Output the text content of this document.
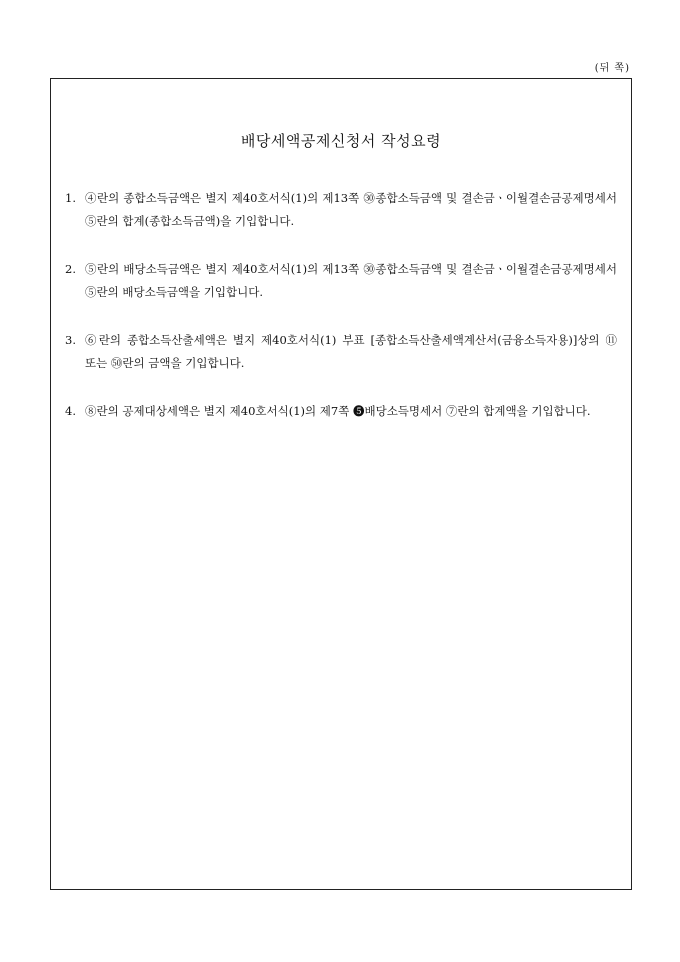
(뒤 쪽)
배당세액공제신청서 작성요령
1. ④란의 종합소득금액은 별지 제40호서식(1)의 제13쪽 ㉚종합소득금액 및 결손금ㆍ이월결손금공제명세서 ⑤란의 합계(종합소득금액)을 기입합니다.
2. ⑤란의 배당소득금액은 별지 제40호서식(1)의 제13쪽 ㉚종합소득금액 및 결손금ㆍ이월결손금공제명세서 ⑤란의 배당소득금액을 기입합니다.
3. ⑥란의 종합소득산출세액은 별지 제40호서식(1) 부표 [종합소득산출세액계산서(금융소득자용)]상의 ⑪ 또는 ㊿란의 금액을 기입합니다.
4. ⑧란의 공제대상세액은 별지 제40호서식(1)의 제7쪽 ❺배당소득명세서 ⑦란의 합계액을 기입합니다.
